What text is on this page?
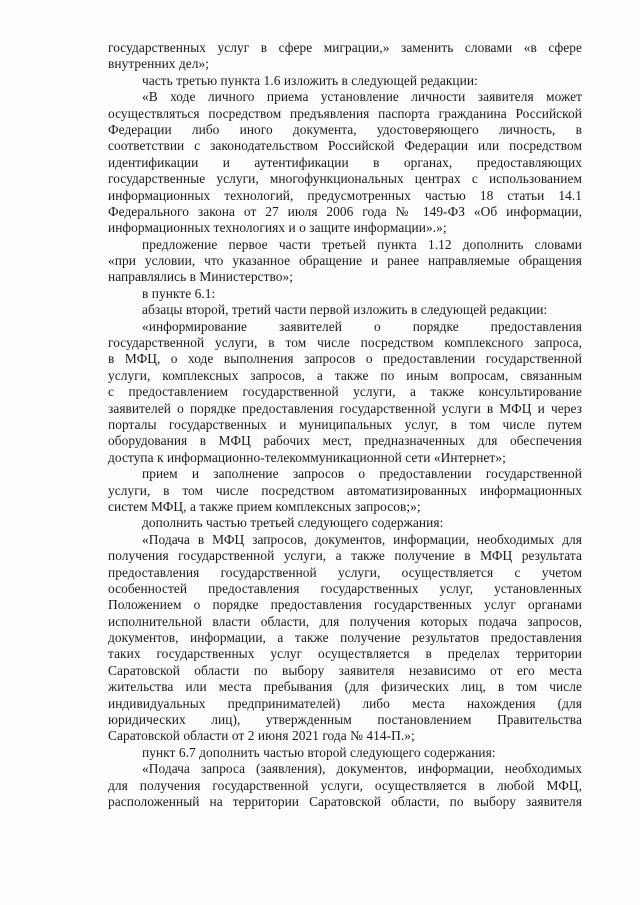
государственных услуг в сфере миграции,» заменить словами «в сфере
внутренних дел»;
часть третью пункта 1.6 изложить в следующей редакции:
«В ходе личного приема установление личности заявителя может
осуществляться посредством предъявления паспорта гражданина Российской
Федерации либо иного документа, удостоверяющего личность, в
соответствии с законодательством Российской Федерации или посредством
идентификации и аутентификации в органах, предоставляющих
государственные услуги, многофункциональных центрах с использованием
информационных технологий, предусмотренных частью 18 статьи 14.1
Федерального закона от 27 июля 2006 года № 149-ФЗ «Об информации,
информационных технологиях и о защите информации».»;
предложение первое части третьей пункта 1.12 дополнить словами
«при условии, что указанное обращение и ранее направляемые обращения
направлялись в Министерство»;
в пункте 6.1:
абзацы второй, третий части первой изложить в следующей редакции:
«информирование заявителей о порядке предоставления
государственной услуги, в том числе посредством комплексного запроса,
в МФЦ, о ходе выполнения запросов о предоставлении государственной
услуги, комплексных запросов, а также по иным вопросам, связанным
с предоставлением государственной услуги, а также консультирование
заявителей о порядке предоставления государственной услуги в МФЦ и через
порталы государственных и муниципальных услуг, в том числе путем
оборудования в МФЦ рабочих мест, предназначенных для обеспечения
доступа к информационно-телекоммуникационной сети «Интернет»;
прием и заполнение запросов о предоставлении государственной
услуги, в том числе посредством автоматизированных информационных
систем МФЦ, а также прием комплексных запросов;»;
дополнить частью третьей следующего содержания:
«Подача в МФЦ запросов, документов, информации, необходимых для
получения государственной услуги, а также получение в МФЦ результата
предоставления государственной услуги, осуществляется с учетом
особенностей предоставления государственных услуг, установленных
Положением о порядке предоставления государственных услуг органами
исполнительной власти области, для получения которых подача запросов,
документов, информации, а также получение результатов предоставления
таких государственных услуг осуществляется в пределах территории
Саратовской области по выбору заявителя независимо от его места
жительства или места пребывания (для физических лиц, в том числе
индивидуальных предпринимателей) либо места нахождения (для
юридических лиц), утвержденным постановлением Правительства
Саратовской области от 2 июня 2021 года № 414-П.»;
пункт 6.7 дополнить частью второй следующего содержания:
«Подача запроса (заявления), документов, информации, необходимых
для получения государственной услуги, осуществляется в любой МФЦ,
расположенный на территории Саратовской области, по выбору заявителя
